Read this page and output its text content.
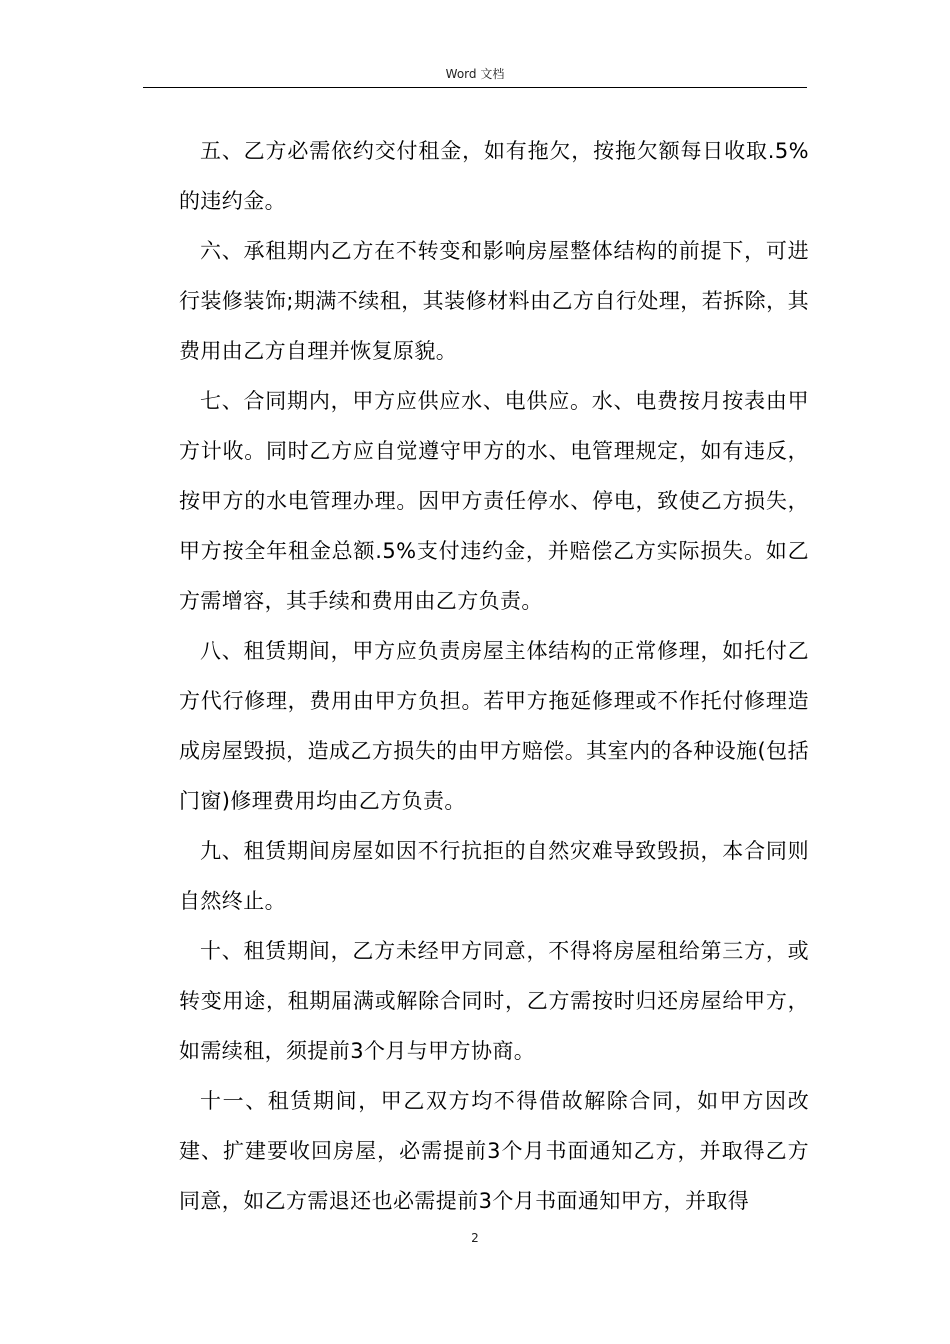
Word 文档

五、乙方必需依约交付租金，如有拖欠，按拖欠额每日收取.5%的违约金。

六、承租期内乙方在不转变和影响房屋整体结构的前提下，可进行装修装饰;期满不续租，其装修材料由乙方自行处理，若拆除，其费用由乙方自理并恢复原貌。

七、合同期内，甲方应供应水、电供应。水、电费按月按表由甲方计收。同时乙方应自觉遵守甲方的水、电管理规定，如有违反，按甲方的水电管理办理。因甲方责任停水、停电，致使乙方损失，甲方按全年租金总额.5%支付违约金，并赔偿乙方实际损失。如乙方需增容，其手续和费用由乙方负责。

八、租赁期间，甲方应负责房屋主体结构的正常修理，如托付乙方代行修理，费用由甲方负担。若甲方拖延修理或不作托付修理造成房屋毁损，造成乙方损失的由甲方赔偿。其室内的各种设施(包括门窗)修理费用均由乙方负责。

九、租赁期间房屋如因不行抗拒的自然灾难导致毁损，本合同则自然终止。

十、租赁期间，乙方未经甲方同意，不得将房屋租给第三方，或转变用途，租期届满或解除合同时，乙方需按时归还房屋给甲方，如需续租，须提前3个月与甲方协商。

十一、租赁期间，甲乙双方均不得借故解除合同，如甲方因改建、扩建要收回房屋，必需提前3个月书面通知乙方，并取得乙方同意，如乙方需退还也必需提前3个月书面通知甲方，并取得

2
